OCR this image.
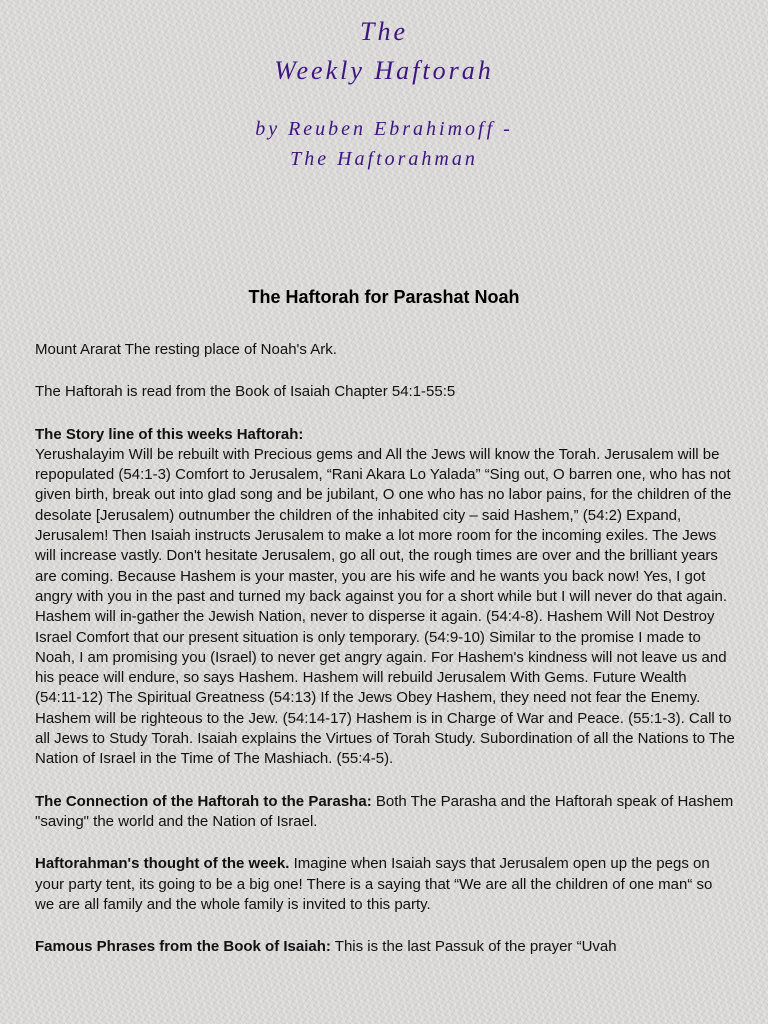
The
Weekly Haftorah
by Reuben Ebrahimoff -
The Haftorahman
The Haftorah for Parashat Noah

Mount Ararat The resting place of Noah's Ark.

The Haftorah is read from the Book of Isaiah Chapter 54:1-55:5

The Story line of this weeks Haftorah:
Yerushalayim Will be rebuilt with Precious gems and All the Jews will know the Torah. Jerusalem will be repopulated (54:1-3) Comfort to Jerusalem, “Rani Akara Lo Yalada” “Sing out, O barren one, who has not given birth, break out into glad song and be jubilant, O one who has no labor pains, for the children of the desolate [Jerusalem) outnumber the children of the inhabited city – said Hashem,” (54:2) Expand, Jerusalem! Then Isaiah instructs Jerusalem to make a lot more room for the incoming exiles. The Jews will increase vastly. Don't hesitate Jerusalem, go all out, the rough times are over and the brilliant years are coming. Because Hashem is your master, you are his wife and he wants you back now! Yes, I got angry with you in the past and turned my back against you for a short while but I will never do that again. Hashem will in-gather the Jewish Nation, never to disperse it again. (54:4-8). Hashem Will Not Destroy Israel Comfort that our present situation is only temporary. (54:9-10) Similar to the promise I made to Noah, I am promising you (Israel) to never get angry again. For Hashem's kindness will not leave us and his peace will endure, so says Hashem. Hashem will rebuild Jerusalem With Gems. Future Wealth (54:11-12) The Spiritual Greatness (54:13) If the Jews Obey Hashem, they need not fear the Enemy. Hashem will be righteous to the Jew. (54:14-17) Hashem is in Charge of War and Peace. (55:1-3). Call to all Jews to Study Torah. Isaiah explains the Virtues of Torah Study. Subordination of all the Nations to The Nation of Israel in the Time of The Mashiach. (55:4-5).

The Connection of the Haftorah to the Parasha: Both The Parasha and the Haftorah speak of Hashem "saving" the world and the Nation of Israel.

Haftorahman's thought of the week. Imagine when Isaiah says that Jerusalem open up the pegs on your party tent, its going to be a big one! There is a saying that “We are all the children of one man“ so we are all family and the whole family is invited to this party.

Famous Phrases from the Book of Isaiah: This is the last Passuk of the prayer “Uvah
